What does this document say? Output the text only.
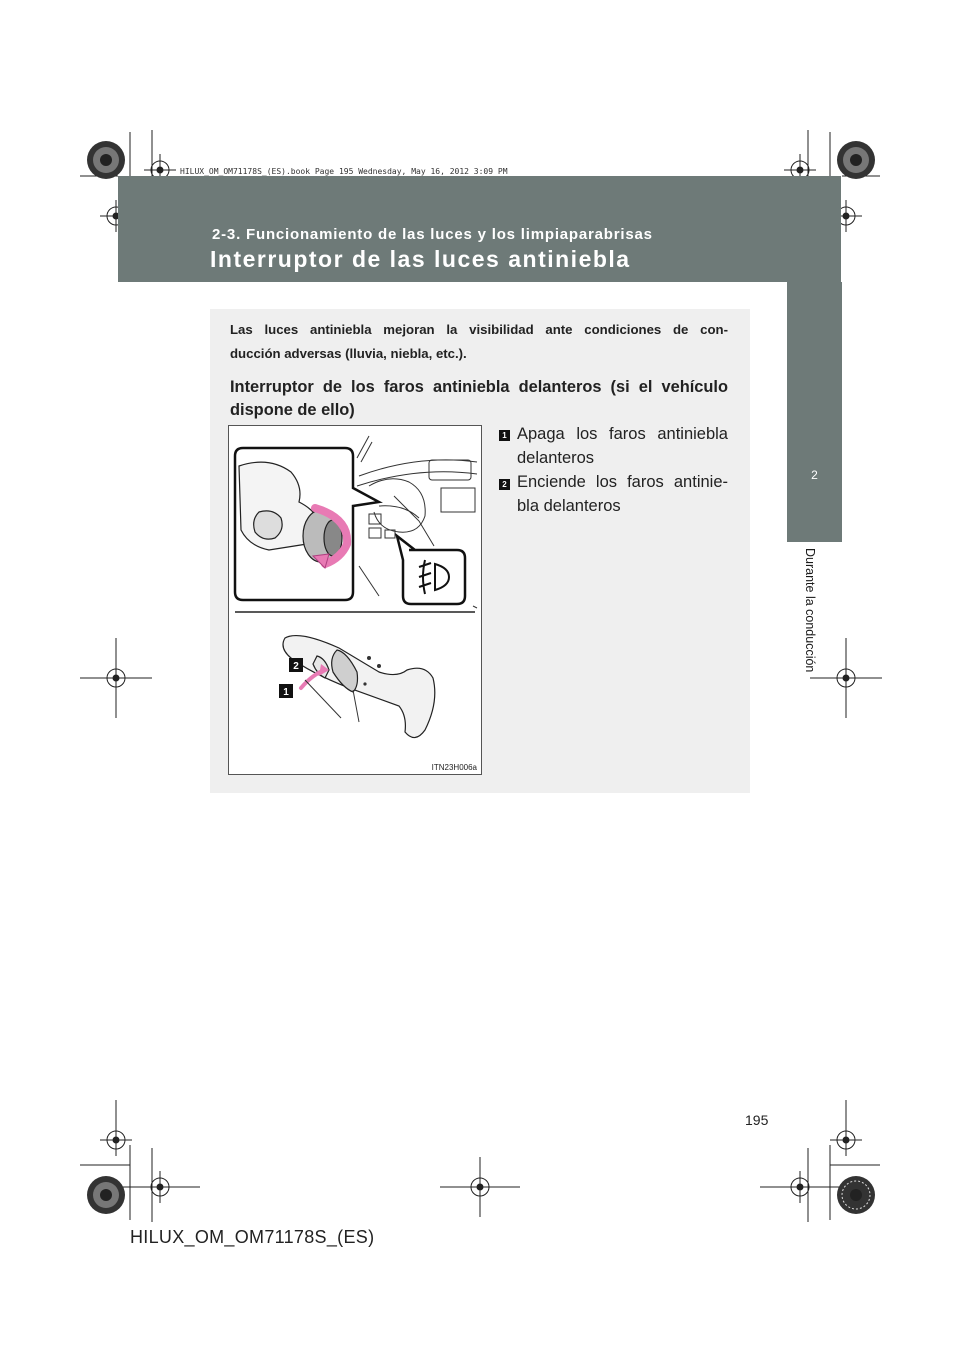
HILUX_OM_OM71178S_(ES).book Page 195 Wednesday, May 16, 2012 3:09 PM
2-3. Funcionamiento de las luces y los limpiaparabrisas
Interruptor de las luces antiniebla
2
Durante la conducción
Las luces antiniebla mejoran la visibilidad ante condiciones de con-
ducción adversas (lluvia, niebla, etc.).
Interruptor de los faros antiniebla delanteros (si el vehículo
dispone de ello)
2
1
ITN23H006a
1 Apaga los faros antiniebla
delanteros
2 Enciende los faros antinie-
bla delanteros
195
HILUX_OM_OM71178S_(ES)
